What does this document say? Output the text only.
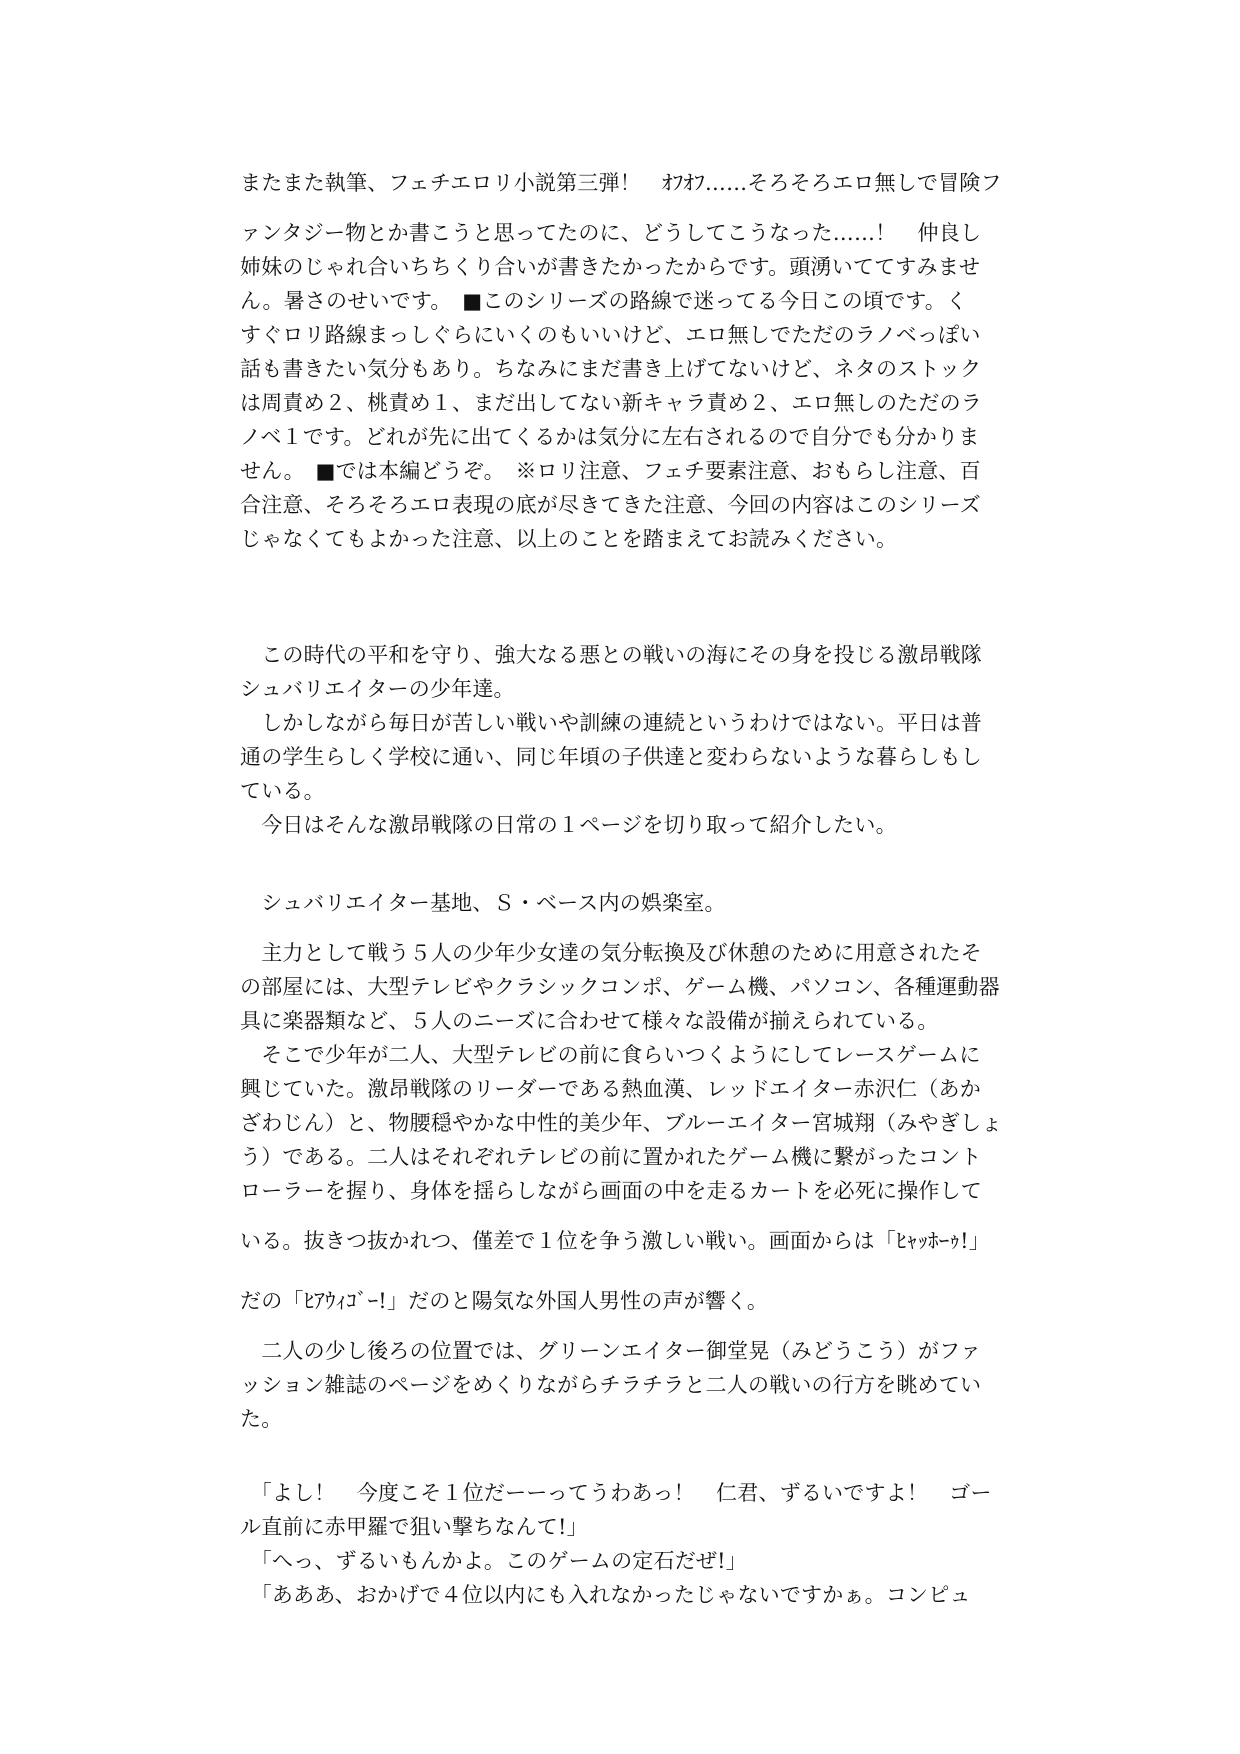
またまた執筆、フェチエロリ小説第三弾！　ｵﾌｵﾌ……そろそろエロ無しで冒険フ
ァンタジー物とか書こうと思ってたのに、どうしてこうなった……！　仲良し
姉妹のじゃれ合いちちくり合いが書きたかったからです。頭湧いててすみませ
ん。暑さのせいです。　■このシリーズの路線で迷ってる今日この頃です。く
すぐロリ路線まっしぐらにいくのもいいけど、エロ無しでただのラノベっぽい
話も書きたい気分もあり。ちなみにまだ書き上げてないけど、ネタのストック
は周責め２、桃責め１、まだ出してない新キャラ責め２、エロ無しのただのラ
ノベ１です。どれが先に出てくるかは気分に左右されるので自分でも分かりま
せん。　■では本編どうぞ。　※ロリ注意、フェチ要素注意、おもらし注意、百
合注意、そろそろエロ表現の底が尽きてきた注意、今回の内容はこのシリーズ
じゃなくてもよかった注意、以上のことを踏まえてお読みください。
　この時代の平和を守り、強大なる悪との戦いの海にその身を投じる激昂戦隊
シュバリエイターの少年達。
　しかしながら毎日が苦しい戦いや訓練の連続というわけではない。平日は普
通の学生らしく学校に通い、同じ年頃の子供達と変わらないような暮らしもし
ている。
　今日はそんな激昂戦隊の日常の１ページを切り取って紹介したい。
　シュバリエイター基地、Ｓ・ベース内の娯楽室。
　主力として戦う５人の少年少女達の気分転換及び休憩のために用意されたそ
の部屋には、大型テレビやクラシックコンポ、ゲーム機、パソコン、各種運動器
具に楽器類など、５人のニーズに合わせて様々な設備が揃えられている。
　そこで少年が二人、大型テレビの前に食らいつくようにしてレースゲームに
興じていた。激昂戦隊のリーダーである熱血漢、レッドエイター赤沢仁（あか
ざわじん）と、物腰穏やかな中性的美少年、ブルーエイター宮城翔（みやぎしょ
う）である。二人はそれぞれテレビの前に置かれたゲーム機に繋がったコント
ローラーを握り、身体を揺らしながら画面の中を走るカートを必死に操作して
いる。抜きつ抜かれつ、僅差で１位を争う激しい戦い。画面からは「ﾋｬｯﾎｰｩ!」
だの「ﾋｱｳｨｺﾞｰ!」だのと陽気な外国人男性の声が響く。
　二人の少し後ろの位置では、グリーンエイター御堂晃（みどうこう）がファ
ッション雑誌のページをめくりながらチラチラと二人の戦いの行方を眺めてい
た。
　「よし！　今度こそ１位だーーってうわあっ！　仁君、ずるいですよ！　ゴー
ル直前に赤甲羅で狙い撃ちなんて!」
　「へっ、ずるいもんかよ。このゲームの定石だぜ!」
　「あああ、おかげで４位以内にも入れなかったじゃないですかぁ。コンピュ
